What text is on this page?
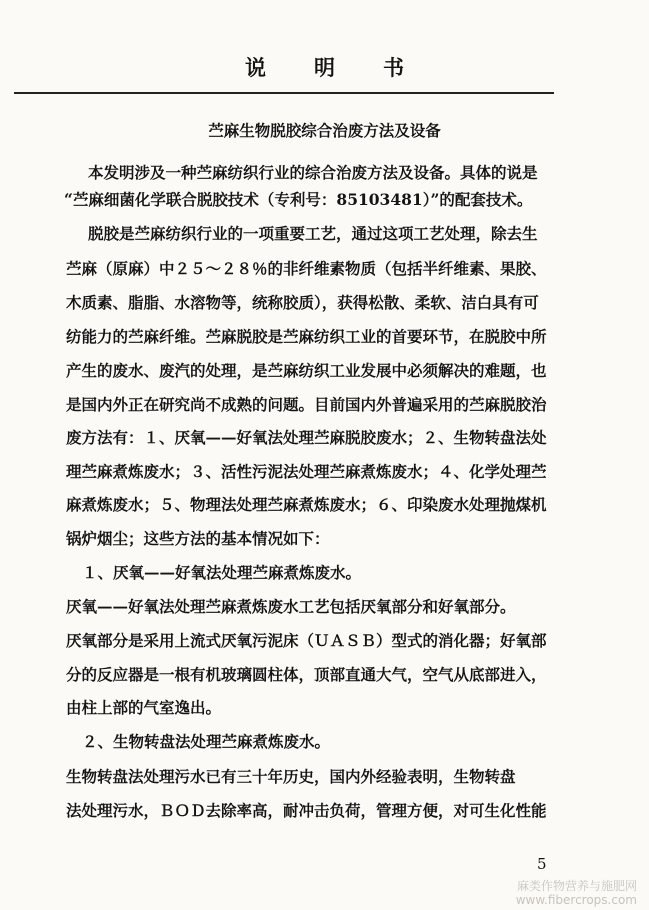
说明书
苎麻生物脱胶综合治废方法及设备
本发明涉及一种苎麻纺织行业的综合治废方法及设备。具体的说是
“苎麻细菌化学联合脱胶技术（专利号：85103481）”的配套技术。
脱胶是苎麻纺织行业的一项重要工艺，通过这项工艺处理，除去生
苎麻（原麻）中２５～２８％的非纤维素物质（包括半纤维素、果胶、
木质素、脂脂、水溶物等，统称胶质），获得松散、柔软、洁白具有可
纺能力的苎麻纤维。苎麻脱胶是苎麻纺织工业的首要环节，在脱胶中所
产生的废水、废汽的处理，是苎麻纺织工业发展中必须解决的难题，也
是国内外正在研究尚不成熟的问题。目前国内外普遍采用的苎麻脱胶治
废方法有：１、厌氧——好氧法处理苎麻脱胶废水；２、生物转盘法处
理苎麻煮炼废水；３、活性污泥法处理苎麻煮炼废水；４、化学处理苎
麻煮炼废水；５、物理法处理苎麻煮炼废水；６、印染废水处理抛煤机
锅炉烟尘；这些方法的基本情况如下：
１、厌氧——好氧法处理苎麻煮炼废水。
厌氧——好氧法处理苎麻煮炼废水工艺包括厌氧部分和好氧部分。
厌氧部分是采用上流式厌氧污泥床（ＵＡＳＢ）型式的消化器；好氧部
分的反应器是一根有机玻璃圆柱体，顶部直通大气，空气从底部进入，
由柱上部的气室逸出。
２、生物转盘法处理苎麻煮炼废水。
生物转盘法处理污水已有三十年历史，国内外经验表明，生物转盘
法处理污水，ＢＯＤ去除率高，耐冲击负荷，管理方便，对可生化性能
5
麻类作物营养与施肥网
www.fibercrops.com
